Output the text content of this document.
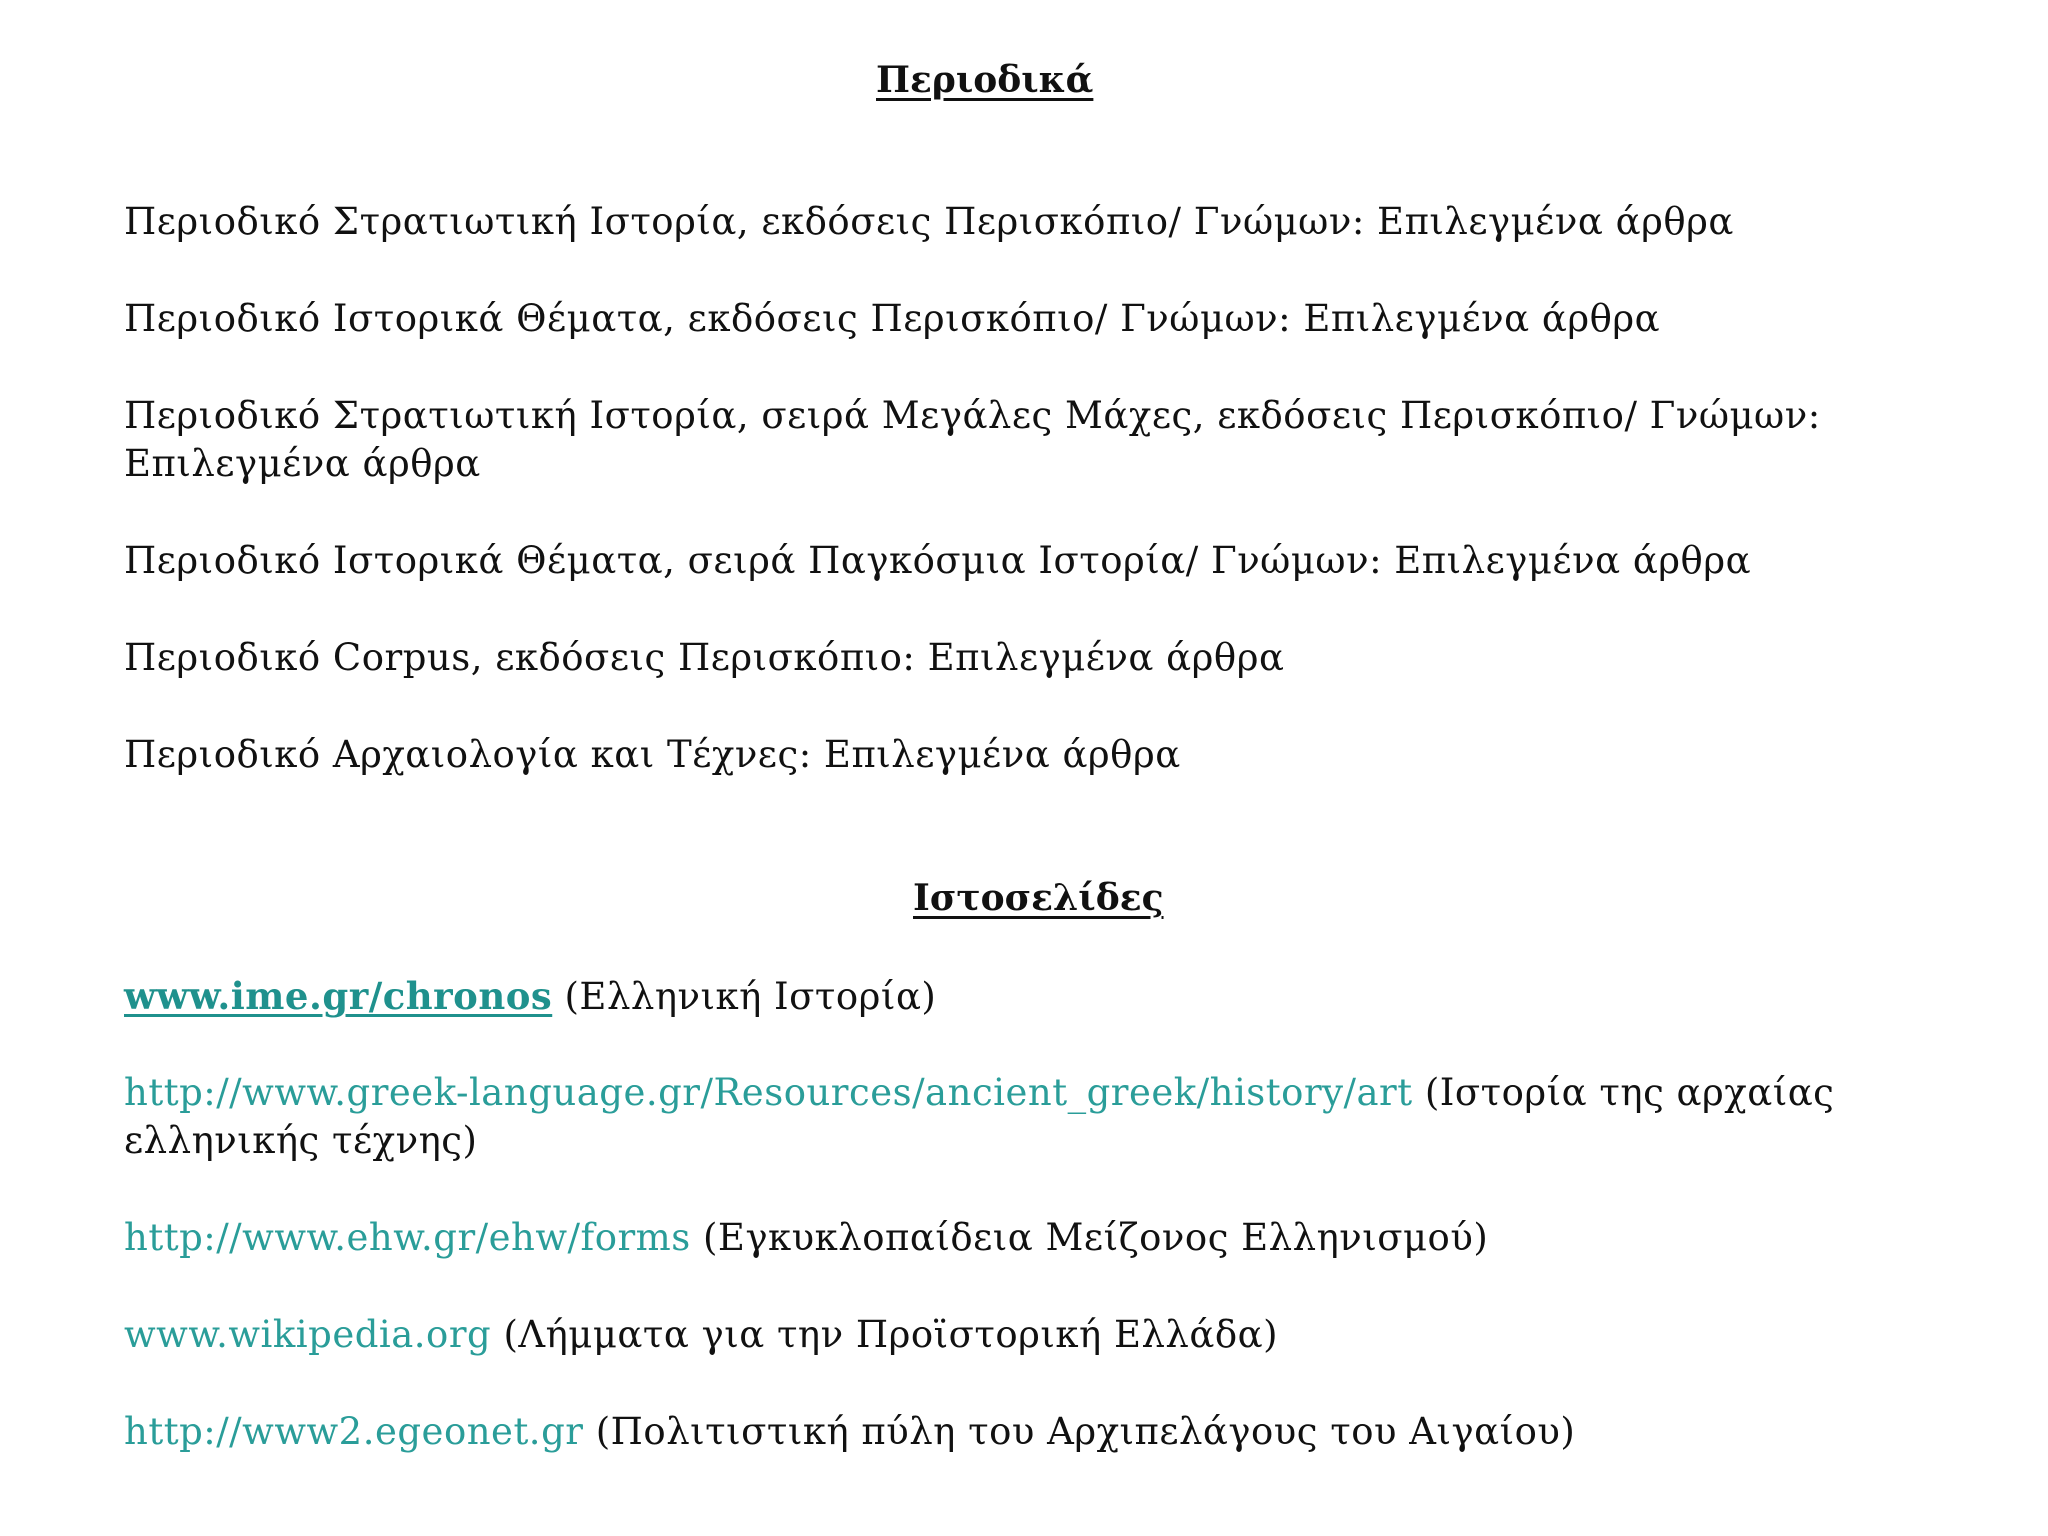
Περιοδικά
Περιοδικό Στρατιωτική Ιστορία, εκδόσεις Περισκόπιο/ Γνώμων: Επιλεγμένα άρθρα
Περιοδικό Ιστορικά Θέματα, εκδόσεις Περισκόπιο/ Γνώμων: Επιλεγμένα άρθρα
Περιοδικό Στρατιωτική Ιστορία, σειρά Μεγάλες Μάχες, εκδόσεις Περισκόπιο/ Γνώμων: Επιλεγμένα άρθρα
Περιοδικό Ιστορικά Θέματα, σειρά Παγκόσμια Ιστορία/ Γνώμων: Επιλεγμένα άρθρα
Περιοδικό Corpus, εκδόσεις Περισκόπιο: Επιλεγμένα άρθρα
Περιοδικό Αρχαιολογία και Τέχνες: Επιλεγμένα άρθρα
Ιστοσελίδες
www.ime.gr/chronos (Ελληνική Ιστορία)
http://www.greek-language.gr/Resources/ancient_greek/history/art (Ιστορία της αρχαίας ελληνικής τέχνης)
http://www.ehw.gr/ehw/forms (Εγκυκλοπαίδεια Μείζονος Ελληνισμού)
www.wikipedia.org (Λήμματα για την Προϊστορική Ελλάδα)
http://www2.egeonet.gr (Πολιτιστική πύλη του Αρχιπελάγους του Αιγαίου)
